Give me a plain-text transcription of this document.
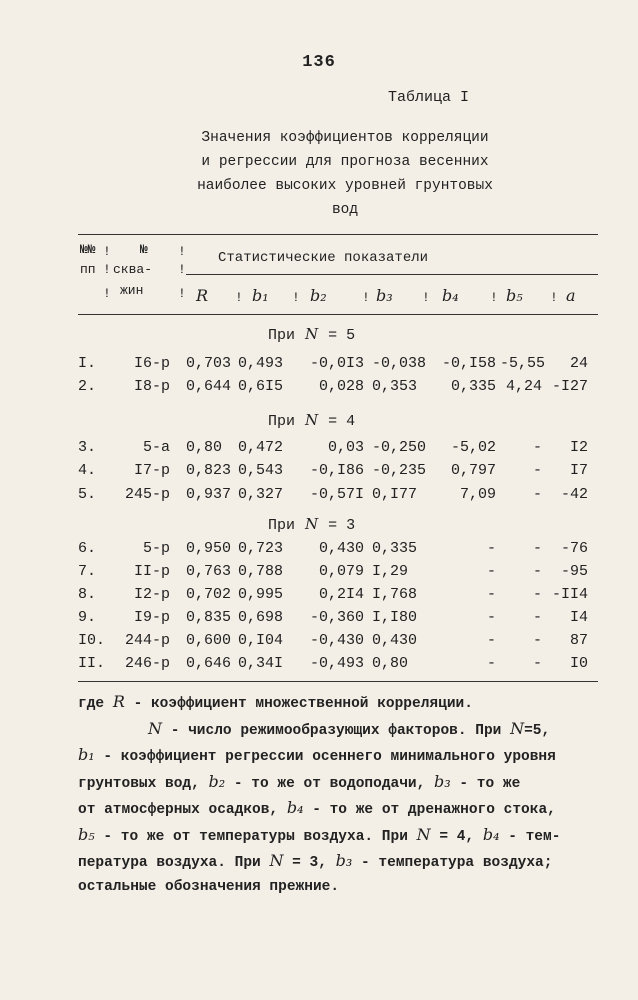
136
Таблица I
Значения коэффициентов корреляции
и регрессии для прогноза весенних
наиболее высоких уровней грунтовых
вод
№№
пп
!
!
!
№
сква-
жин
!
!
!
Статистические показатели
R ! b₁ ! b₂	! b₃ ! b₄ ! b₅ ! a
При N = 5
I.	I6-р 0,703 0,493	-0,0I3 -0,038	-0,I58 -5,55	24
2.	I8-р 0,644 0,6I5	0,028 0,353	0,335 4,24 -I27
При N = 4
3.	5-а 0,80 0,472	0,03 -0,250	-5,02	-	I2
4.	I7-р 0,823 0,543	-0,I86 -0,235	0,797	-	I7
5.	245-р 0,937 0,327	-0,57I 0,I77	7,09	-	-42
При N = 3
6.	5-р 0,950 0,723	0,430 0,335	-	-	-76
7.	II-р 0,763 0,788	0,079 I,29	-	-	-95
8.	I2-р 0,702 0,995	0,2I4 I,768	-	- -II4
9.	I9-р 0,835 0,698	-0,360 I,I80	-	-	I4
I0.	244-р 0,600 0,I04	-0,430 0,430	-	-	87
II.	246-р 0,646 0,34I	-0,493 0,80	-	-	I0

где R - коэффициент множественной корреляции.

N - число режимообразующих факторов. При N=5,

b₁ - коэффициент регрессии осеннего минимального уровня

грунтовых вод, b₂ - то же от водоподачи, b₃ - то же

от атмосферных осадков, b₄ - то же от дренажного стока,

b₅ - то же от температуры воздуха. При N = 4, b₄ - тем-

пература воздуха. При N = 3, b₃ - температура воздуха;

остальные обозначения прежние.
